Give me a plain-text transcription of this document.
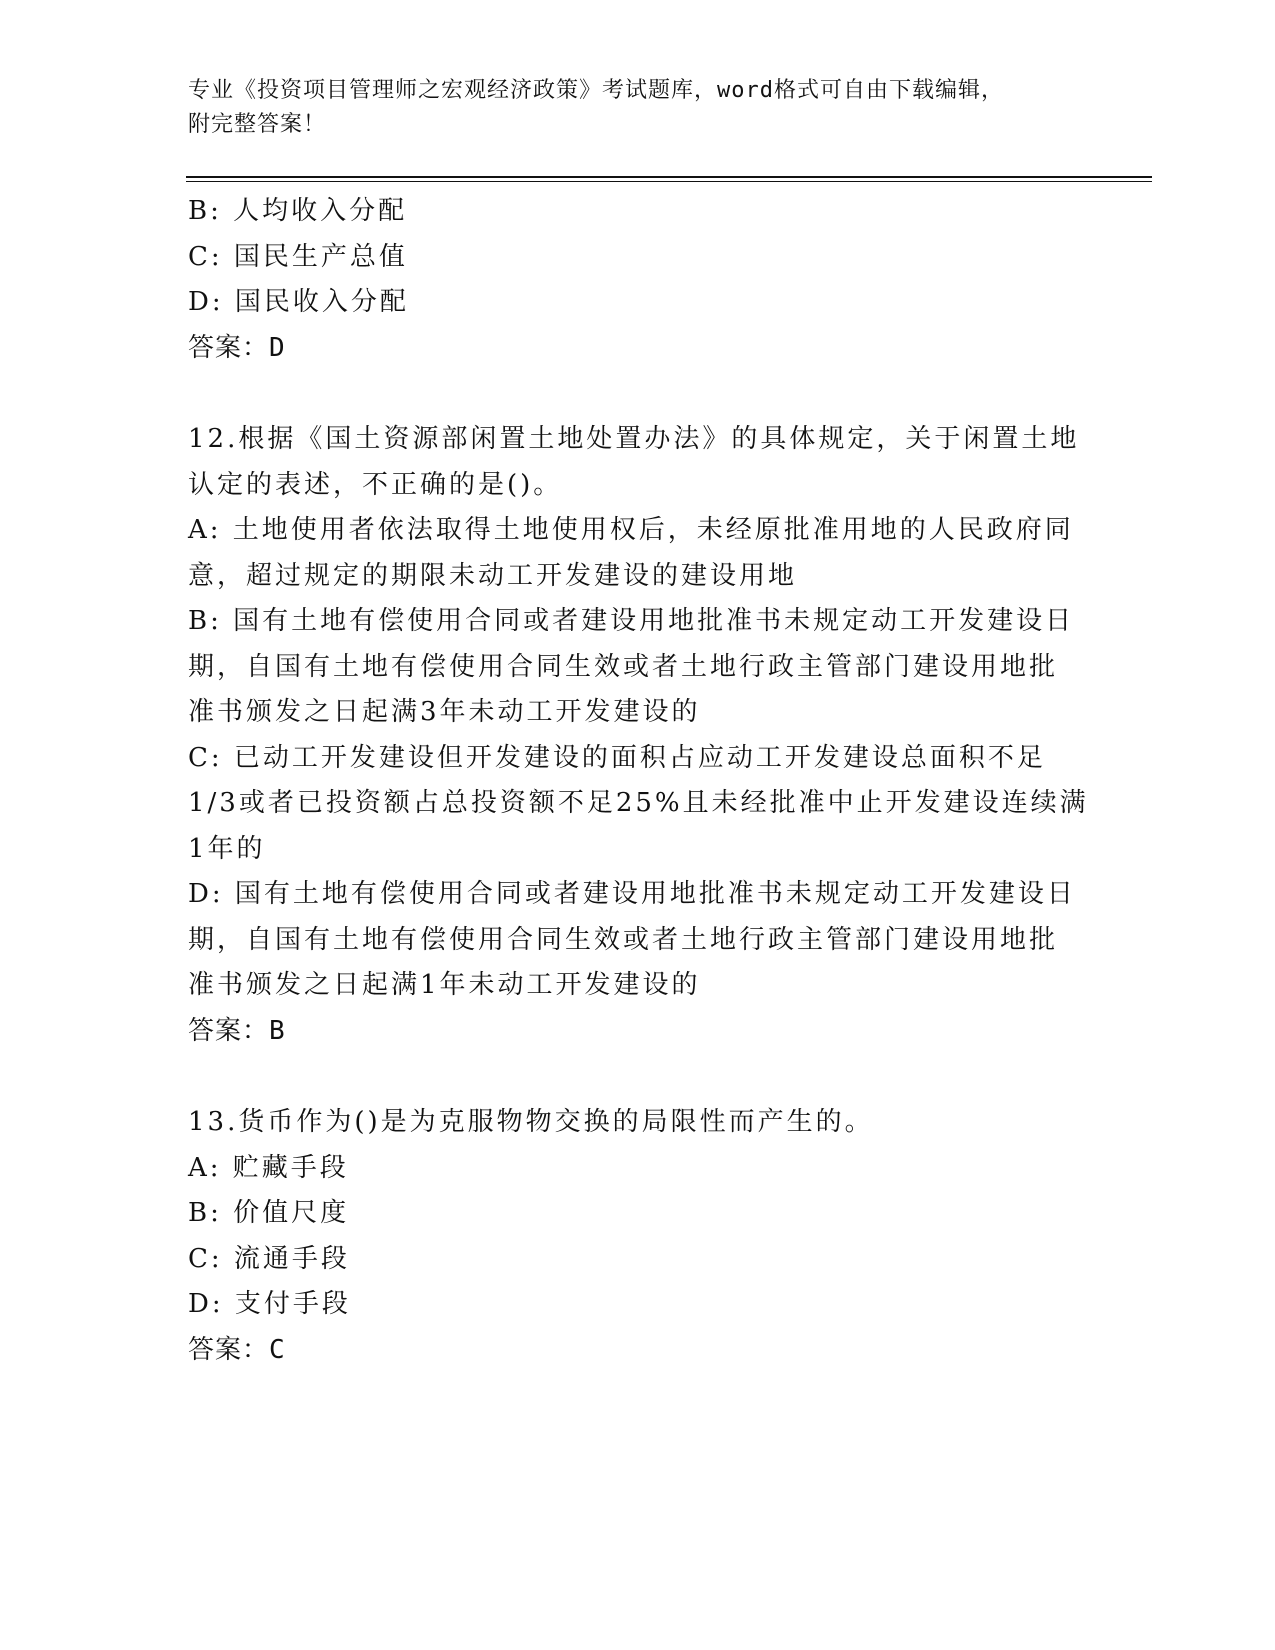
专业《投资项目管理师之宏观经济政策》考试题库，word格式可自由下载编辑，
附完整答案！
B: 人均收入分配
C: 国民生产总值
D: 国民收入分配
答案：D
12.根据《国土资源部闲置土地处置办法》的具体规定，关于闲置土地
认定的表述，不正确的是()。
A: 土地使用者依法取得土地使用权后，未经原批准用地的人民政府同
意，超过规定的期限未动工开发建设的建设用地
B: 国有土地有偿使用合同或者建设用地批准书未规定动工开发建设日
期，自国有土地有偿使用合同生效或者土地行政主管部门建设用地批
准书颁发之日起满3年未动工开发建设的
C: 已动工开发建设但开发建设的面积占应动工开发建设总面积不足
1/3或者已投资额占总投资额不足25%且未经批准中止开发建设连续满
1年的
D: 国有土地有偿使用合同或者建设用地批准书未规定动工开发建设日
期，自国有土地有偿使用合同生效或者土地行政主管部门建设用地批
准书颁发之日起满1年未动工开发建设的
答案：B
13.货币作为()是为克服物物交换的局限性而产生的。
A: 贮藏手段
B: 价值尺度
C: 流通手段
D: 支付手段
答案：C
